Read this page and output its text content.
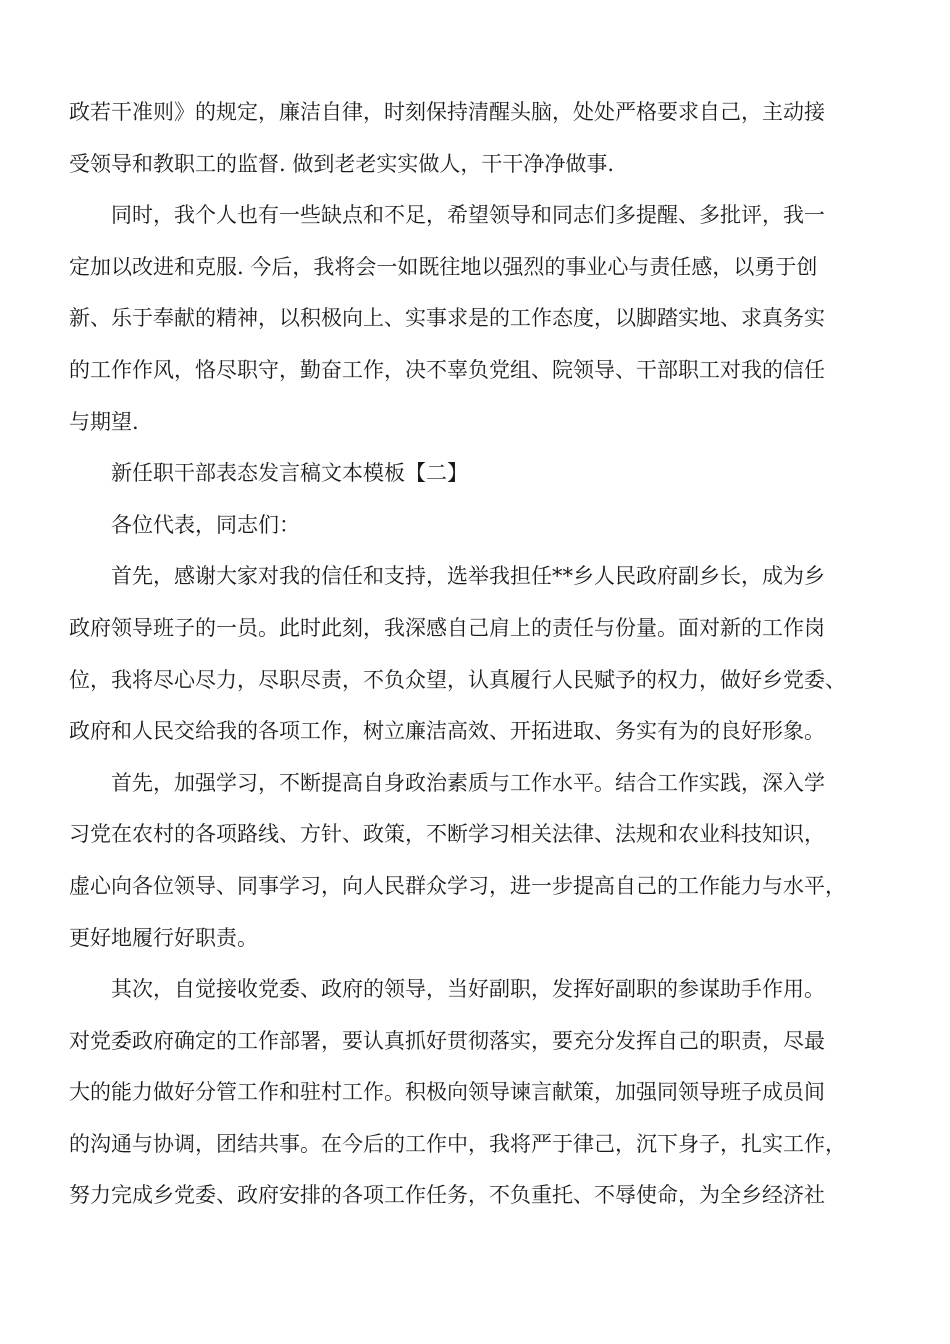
政若干准则》的规定，廉洁自律，时刻保持清醒头脑，处处严格要求自己，主动接
受领导和教职工的监督. 做到老老实实做人，干干净净做事.

同时，我个人也有一些缺点和不足，希望领导和同志们多提醒、多批评，我一
定加以改进和克服. 今后，我将会一如既往地以强烈的事业心与责任感，以勇于创
新、乐于奉献的精神，以积极向上、实事求是的工作态度，以脚踏实地、求真务实
的工作作风，恪尽职守，勤奋工作，决不辜负党组、院领导、干部职工对我的信任
与期望.

新任职干部表态发言稿文本模板【二】

各位代表，同志们：

首先，感谢大家对我的信任和支持，选举我担任**乡人民政府副乡长，成为乡
政府领导班子的一员。此时此刻，我深感自己肩上的责任与份量。面对新的工作岗
位，我将尽心尽力，尽职尽责，不负众望，认真履行人民赋予的权力，做好乡党委、
政府和人民交给我的各项工作，树立廉洁高效、开拓进取、务实有为的良好形象。

首先，加强学习，不断提高自身政治素质与工作水平。结合工作实践，深入学
习党在农村的各项路线、方针、政策，不断学习相关法律、法规和农业科技知识，
虚心向各位领导、同事学习，向人民群众学习，进一步提高自己的工作能力与水平，
更好地履行好职责。

其次，自觉接收党委、政府的领导，当好副职，发挥好副职的参谋助手作用。
对党委政府确定的工作部署，要认真抓好贯彻落实，要充分发挥自己的职责，尽最
大的能力做好分管工作和驻村工作。积极向领导谏言献策，加强同领导班子成员间
的沟通与协调，团结共事。在今后的工作中，我将严于律己，沉下身子，扎实工作，
努力完成乡党委、政府安排的各项工作任务，不负重托、不辱使命，为全乡经济社
